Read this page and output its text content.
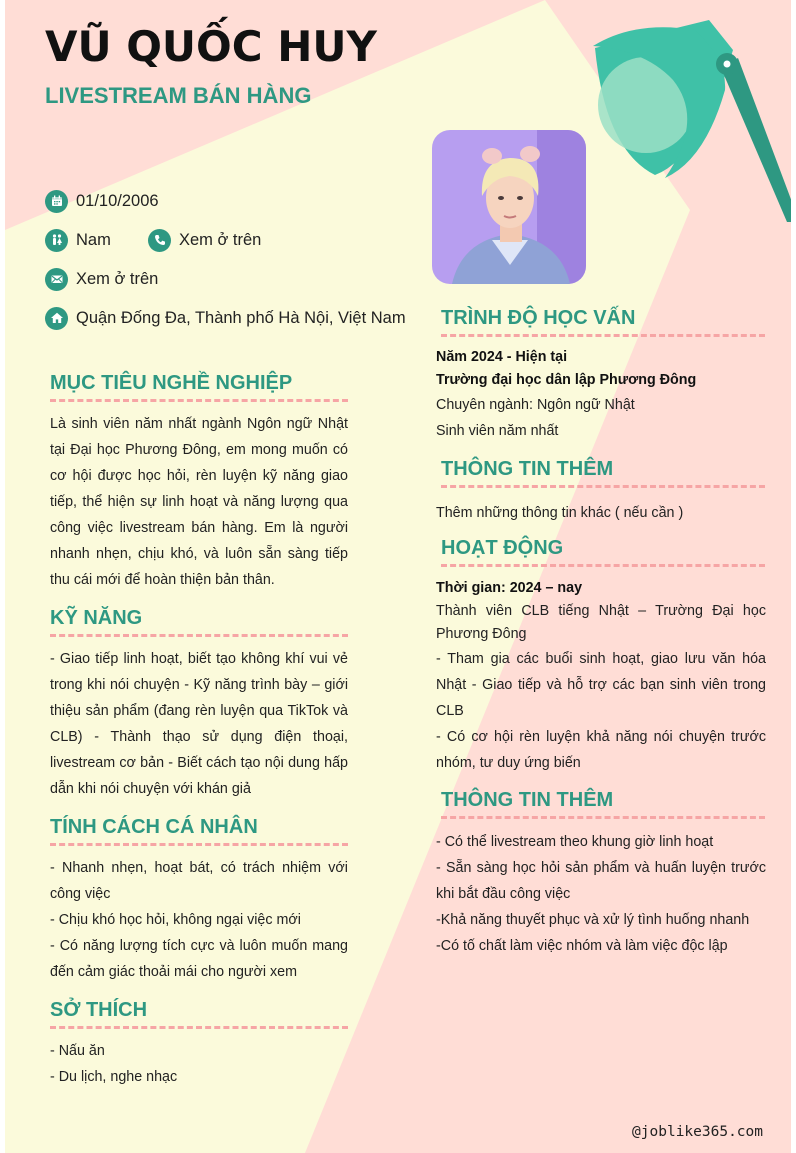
VŨ QUỐC HUY
LIVESTREAM BÁN HÀNG
01/10/2006
Nam	Xem ở trên
Xem ở trên
Quận Đống Đa, Thành phố Hà Nội, Việt Nam
MỤC TIÊU NGHỀ NGHIỆP
Là sinh viên năm nhất ngành Ngôn ngữ Nhật tại Đại học Phương Đông, em mong muốn có cơ hội được học hỏi, rèn luyện kỹ năng giao tiếp, thể hiện sự linh hoạt và năng lượng qua công việc livestream bán hàng. Em là người nhanh nhẹn, chịu khó, và luôn sẵn sàng tiếp thu cái mới để hoàn thiện bản thân.
KỸ NĂNG
- Giao tiếp linh hoạt, biết tạo không khí vui vẻ trong khi nói chuyện - Kỹ năng trình bày – giới thiệu sản phẩm (đang rèn luyện qua TikTok và CLB) - Thành thạo sử dụng điện thoại, livestream cơ bản - Biết cách tạo nội dung hấp dẫn khi nói chuyện với khán giả
TÍNH CÁCH CÁ NHÂN
- Nhanh nhẹn, hoạt bát, có trách nhiệm với công việc
- Chịu khó học hỏi, không ngại việc mới
- Có năng lượng tích cực và luôn muốn mang đến cảm giác thoải mái cho người xem
SỞ THÍCH
- Nấu ăn
- Du lịch, nghe nhạc
TRÌNH ĐỘ HỌC VẤN
Năm 2024 - Hiện tại
Trường đại học dân lập Phương Đông
Chuyên ngành: Ngôn ngữ Nhật
Sinh viên năm nhất
THÔNG TIN THÊM
Thêm những thông tin khác ( nếu cần )
HOẠT ĐỘNG
Thời gian: 2024 – nay
Thành viên CLB tiếng Nhật – Trường Đại học Phương Đông
- Tham gia các buổi sinh hoạt, giao lưu văn hóa Nhật - Giao tiếp và hỗ trợ các bạn sinh viên trong CLB
- Có cơ hội rèn luyện khả năng nói chuyện trước nhóm, tư duy ứng biến
THÔNG TIN THÊM
- Có thể livestream theo khung giờ linh hoạt
- Sẵn sàng học hỏi sản phẩm và huấn luyện trước khi bắt đầu công việc
-Khả năng thuyết phục và xử lý tình huống nhanh
-Có tố chất làm việc nhóm và làm việc độc lập
@joblike365.com
